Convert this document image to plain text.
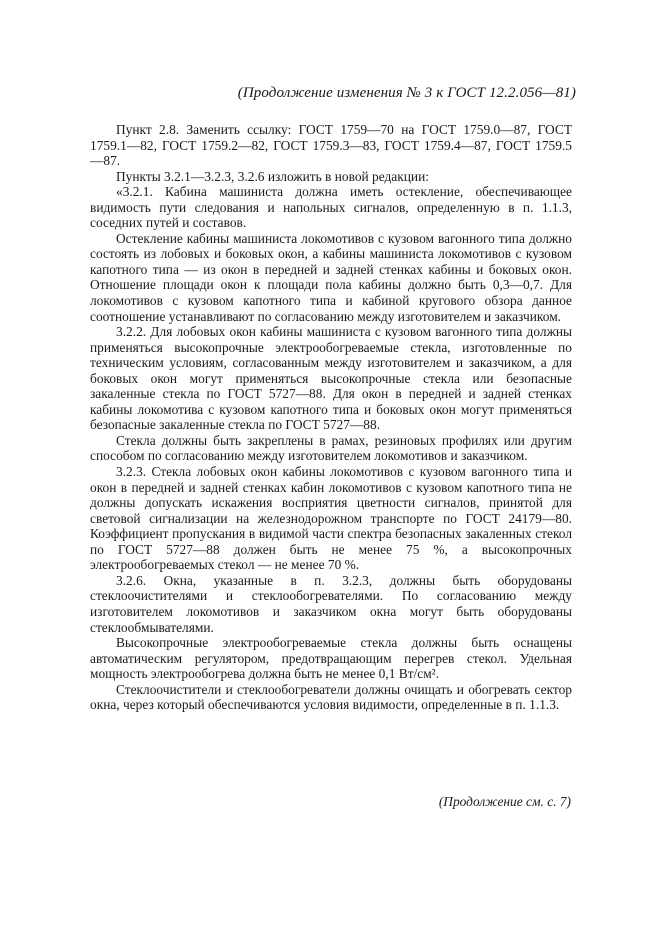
(Продолжение изменения № 3 к ГОСТ 12.2.056—81)

Пункт 2.8. Заменить ссылку: ГОСТ 1759—70 на ГОСТ 1759.0—87, ГОСТ 1759.1—82, ГОСТ 1759.2—82, ГОСТ 1759.3—83, ГОСТ 1759.4—87, ГОСТ 1759.5—87.

Пункты 3.2.1—3.2.3, 3.2.6 изложить в новой редакции:

«3.2.1. Кабина машиниста должна иметь остекление, обеспечивающее видимость пути следования и напольных сигналов, определенную в п. 1.1.3, соседних путей и составов.

Остекление кабины машиниста локомотивов с кузовом вагонного типа должно состоять из лобовых и боковых окон, а кабины машиниста локомотивов с кузовом капотного типа — из окон в передней и задней стенках кабины и боковых окон. Отношение площади окон к площади пола кабины должно быть 0,3—0,7. Для локомотивов с кузовом капотного типа и кабиной кругового обзора данное соотношение устанавливают по согласованию между изготовителем и заказчиком.

3.2.2. Для лобовых окон кабины машиниста с кузовом вагонного типа должны применяться высокопрочные электрообогреваемые стекла, изготовленные по техническим условиям, согласованным между изготовителем и заказчиком, а для боковых окон могут применяться высокопрочные стекла или безопасные закаленные стекла по ГОСТ 5727—88. Для окон в передней и задней стенках кабины локомотива с кузовом капотного типа и боковых окон могут применяться безопасные закаленные стекла по ГОСТ 5727—88.

Стекла должны быть закреплены в рамах, резиновых профилях или другим способом по согласованию между изготовителем локомотивов и заказчиком.

3.2.3. Стекла лобовых окон кабины локомотивов с кузовом вагонного типа и окон в передней и задней стенках кабин локомотивов с кузовом капотного типа не должны допускать искажения восприятия цветности сигналов, принятой для световой сигнализации на железнодорожном транспорте по ГОСТ 24179—80. Коэффициент пропускания в видимой части спектра безопасных закаленных стекол по ГОСТ 5727—88 должен быть не менее 75 %, а высокопрочных электрообогреваемых стекол — не менее 70 %.

3.2.6. Окна, указанные в п. 3.2.3, должны быть оборудованы стеклоочистителями и стеклообогревателями. По согласованию между изготовителем локомотивов и заказчиком окна могут быть оборудованы стеклообмывателями.

Высокопрочные электрообогреваемые стекла должны быть оснащены автоматическим регулятором, предотвращающим перегрев стекол. Удельная мощность электрообогрева должна быть не менее 0,1 Вт/см².

Стеклоочистители и стеклообогреватели должны очищать и обогревать сектор окна, через который обеспечиваются условия видимости, определенные в п. 1.1.3.

(Продолжение см. с. 7)
